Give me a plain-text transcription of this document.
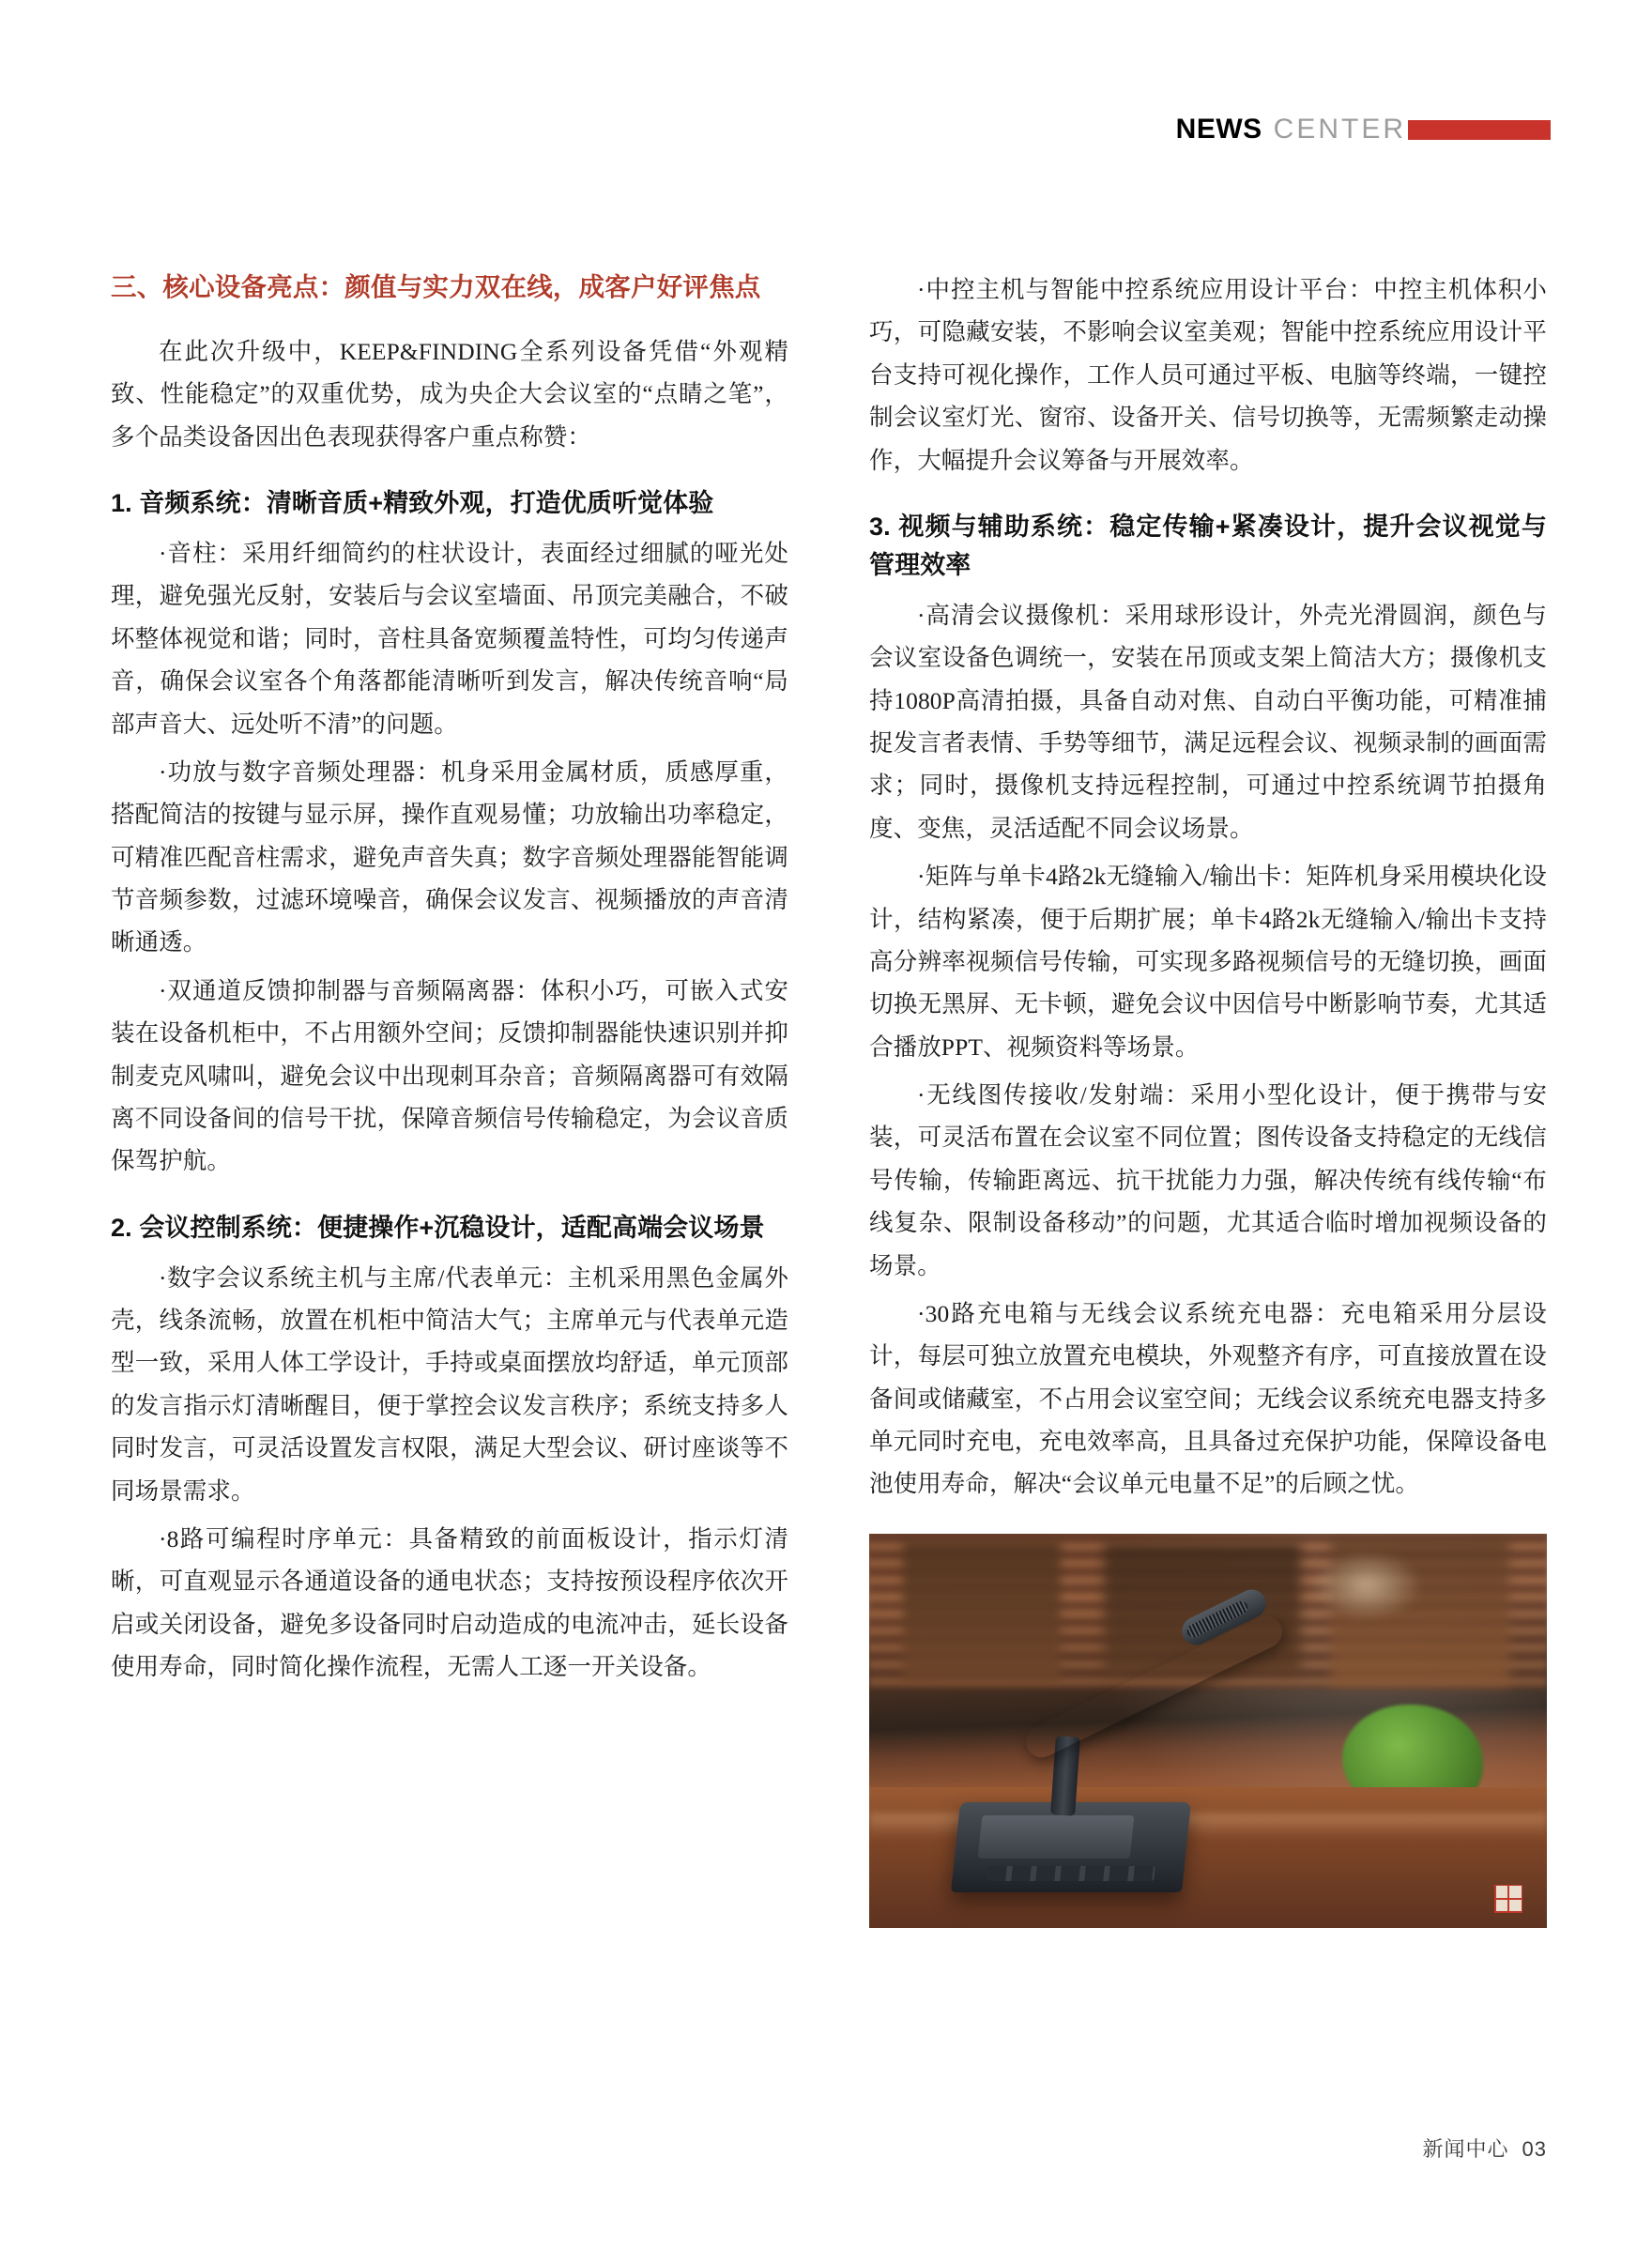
NEWS CENTER
三、核心设备亮点：颜值与实力双在线，成客户好评焦点

在此次升级中，KEEP&FINDING全系列设备凭借“外观精致、性能稳定”的双重优势，成为央企大会议室的“点睛之笔”，多个品类设备因出色表现获得客户重点称赞：

1. 音频系统：清晰音质+精致外观，打造优质听觉体验

·音柱：采用纤细简约的柱状设计，表面经过细腻的哑光处理，避免强光反射，安装后与会议室墙面、吊顶完美融合，不破坏整体视觉和谐；同时，音柱具备宽频覆盖特性，可均匀传递声音，确保会议室各个角落都能清晰听到发言，解决传统音响“局部声音大、远处听不清”的问题。

·功放与数字音频处理器：机身采用金属材质，质感厚重，搭配简洁的按键与显示屏，操作直观易懂；功放输出功率稳定，可精准匹配音柱需求，避免声音失真；数字音频处理器能智能调节音频参数，过滤环境噪音，确保会议发言、视频播放的声音清晰通透。

·双通道反馈抑制器与音频隔离器：体积小巧，可嵌入式安装在设备机柜中，不占用额外空间；反馈抑制器能快速识别并抑制麦克风啸叫，避免会议中出现刺耳杂音；音频隔离器可有效隔离不同设备间的信号干扰，保障音频信号传输稳定，为会议音质保驾护航。

2. 会议控制系统：便捷操作+沉稳设计，适配高端会议场景

·数字会议系统主机与主席/代表单元：主机采用黑色金属外壳，线条流畅，放置在机柜中简洁大气；主席单元与代表单元造型一致，采用人体工学设计，手持或桌面摆放均舒适，单元顶部的发言指示灯清晰醒目，便于掌控会议发言秩序；系统支持多人同时发言，可灵活设置发言权限，满足大型会议、研讨座谈等不同场景需求。

·8路可编程时序单元：具备精致的前面板设计，指示灯清晰，可直观显示各通道设备的通电状态；支持按预设程序依次开启或关闭设备，避免多设备同时启动造成的电流冲击，延长设备使用寿命，同时简化操作流程，无需人工逐一开关设备。

·中控主机与智能中控系统应用设计平台：中控主机体积小巧，可隐藏安装，不影响会议室美观；智能中控系统应用设计平台支持可视化操作，工作人员可通过平板、电脑等终端，一键控制会议室灯光、窗帘、设备开关、信号切换等，无需频繁走动操作，大幅提升会议筹备与开展效率。

3. 视频与辅助系统：稳定传输+紧凑设计，提升会议视觉与管理效率

·高清会议摄像机：采用球形设计，外壳光滑圆润，颜色与会议室设备色调统一，安装在吊顶或支架上简洁大方；摄像机支持1080P高清拍摄，具备自动对焦、自动白平衡功能，可精准捕捉发言者表情、手势等细节，满足远程会议、视频录制的画面需求；同时，摄像机支持远程控制，可通过中控系统调节拍摄角度、变焦，灵活适配不同会议场景。

·矩阵与单卡4路2k无缝输入/输出卡：矩阵机身采用模块化设计，结构紧凑，便于后期扩展；单卡4路2k无缝输入/输出卡支持高分辨率视频信号传输，可实现多路视频信号的无缝切换，画面切换无黑屏、无卡顿，避免会议中因信号中断影响节奏，尤其适合播放PPT、视频资料等场景。

·无线图传接收/发射端：采用小型化设计，便于携带与安装，可灵活布置在会议室不同位置；图传设备支持稳定的无线信号传输，传输距离远、抗干扰能力力强，解决传统有线传输“布线复杂、限制设备移动”的问题，尤其适合临时增加视频设备的场景。

·30路充电箱与无线会议系统充电器：充电箱采用分层设计，每层可独立放置充电模块，外观整齐有序，可直接放置在设备间或储藏室，不占用会议室空间；无线会议系统充电器支持多单元同时充电，充电效率高，且具备过充保护功能，保障设备电池使用寿命，解决“会议单元电量不足”的后顾之忧。

新闻中心 03
